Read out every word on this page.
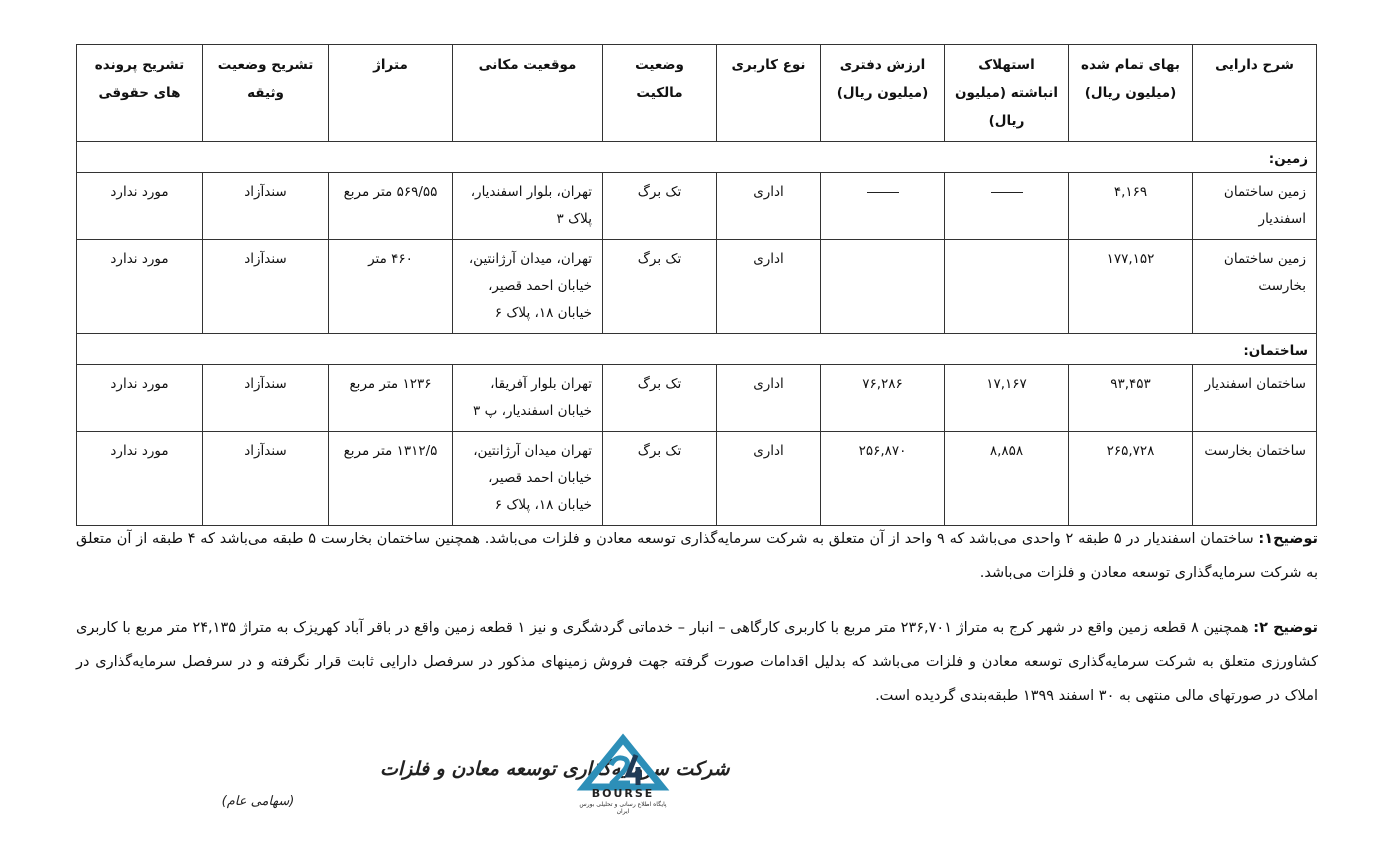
شرح دارایی	بهای تمام شده (میلیون ریال)	استهلاک انباشته (میلیون ریال)	ارزش دفتری (میلیون ریال)	نوع کاربری	وضعیت مالکیت	موقعیت مکانی	متراژ	تشریح وضعیت وثیقه	تشریح پرونده های حقوقی
زمین:									
زمین ساختمان اسفندیار	۴,۱۶۹			اداری	تک برگ	تهران، بلوار اسفندیار، پلاک ۳	۵۶۹/۵۵ متر مربع	سندآزاد	مورد ندارد
زمین ساختمان بخارست	۱۷۷,۱۵۲			اداری	تک برگ	تهران، میدان آرژانتین، خیابان احمد قصیر، خیابان ۱۸، پلاک ۶	۴۶۰ متر	سندآزاد	مورد ندارد
ساختمان:									
ساختمان اسفندیار	۹۳,۴۵۳	۱۷,۱۶۷	۷۶,۲۸۶	اداری	تک برگ	تهران بلوار آفریقا، خیابان اسفندیار، پ ۳	۱۲۳۶ متر مربع	سندآزاد	مورد ندارد
ساختمان بخارست	۲۶۵,۷۲۸	۸,۸۵۸	۲۵۶,۸۷۰	اداری	تک برگ	تهران میدان آرژانتین، خیابان احمد قصیر، خیابان ۱۸، پلاک ۶	۱۳۱۲/۵ متر مربع	سندآزاد	مورد ندارد
توضیح۱: ساختمان اسفندیار در ۵ طبقه ۲ واحدی می‌باشد که ۹ واحد از آن متعلق به شرکت سرمایه‌گذاری توسعه معادن و فلزات می‌باشد. همچنین ساختمان بخارست ۵ طبقه می‌باشد که ۴ طبقه از آن متعلق به شرکت سرمایه‌گذاری توسعه معادن و فلزات می‌باشد.
توضیح ۲: همچنین ۸ قطعه زمین واقع در شهر کرج به متراژ ۲۳۶,۷۰۱ متر مربع با کاربری کارگاهی – انبار – خدماتی گردشگری و نیز ۱ قطعه زمین واقع در باقر آباد کهریزک به متراژ ۲۴,۱۳۵ متر مربع با کاربری کشاورزی متعلق به شرکت سرمایه‌گذاری توسعه معادن و فلزات می‌باشد که بدلیل اقدامات صورت گرفته جهت فروش زمینهای مذکور در سرفصل دارایی ثابت قرار نگرفته و در سرفصل سرمایه‌گذاری در املاک در صورتهای مالی منتهی به ۳۰ اسفند ۱۳۹۹ طبقه‌بندی گردیده است.
شرکت سرمایه‌گذاری توسعه معادن و فلزات
(سهامی عام)
BOURSE
پایگاه اطلاع رسانی و تحلیلی بورس ایران
